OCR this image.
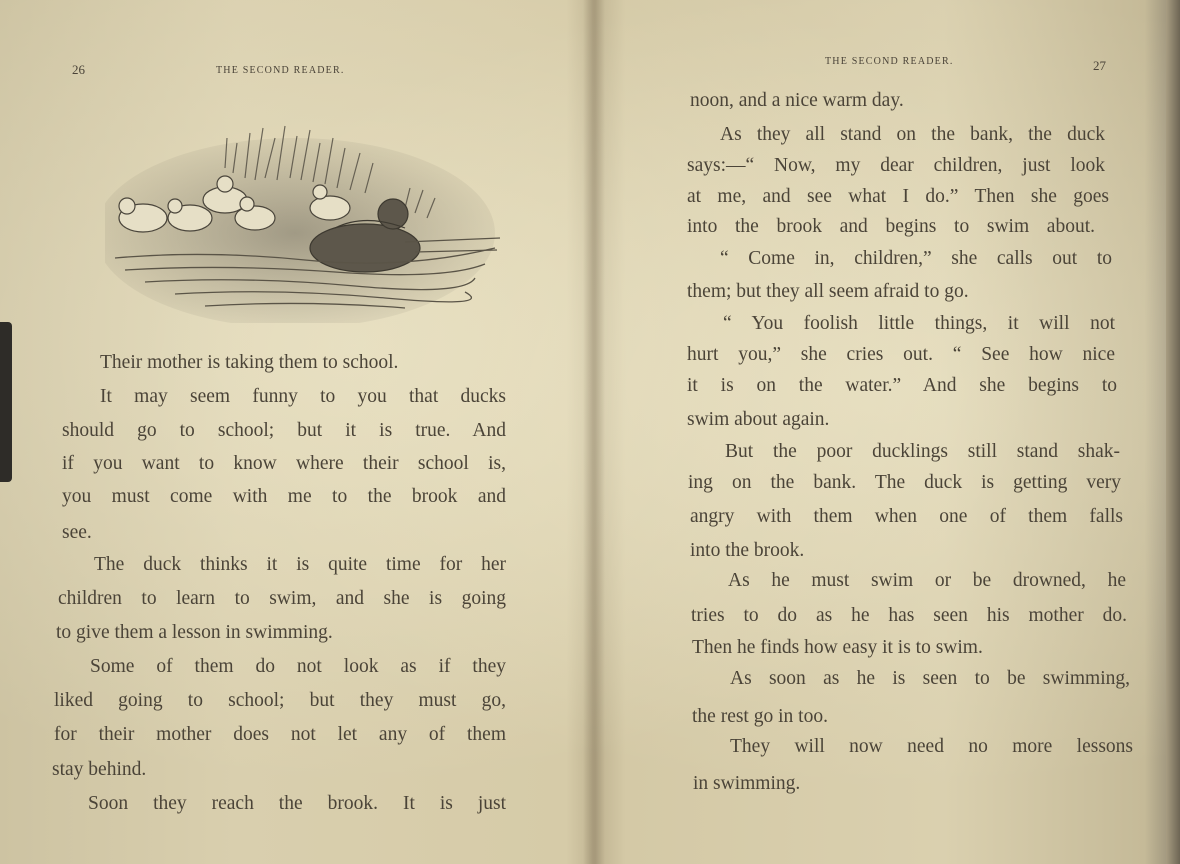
26	THE SECOND READER.
Their mother is taking them to school.
It may seem funny to you that ducks
should go to school; but it is true. And
if you want to know where their school is,
you must come with me to the brook and
see.
The duck thinks it is quite time for her
children to learn to swim, and she is going
to give them a lesson in swimming.
Some of them do not look as if they
liked going to school; but they must go,
for their mother does not let any of them
stay behind.
Soon they reach the brook. It is just
THE SECOND READER.	27
noon, and a nice warm day.
As they all stand on the bank, the duck
says:—“ Now, my dear children, just look
at me, and see what I do.” Then she goes
into the brook and begins to swim about.
“ Come in, children,” she calls out to
them; but they all seem afraid to go.
“ You foolish little things, it will not
hurt you,” she cries out. “ See how nice
it is on the water.” And she begins to
swim about again.
But the poor ducklings still stand shak-
ing on the bank. The duck is getting very
angry with them when one of them falls
into the brook.
As he must swim or be drowned, he
tries to do as he has seen his mother do.
Then he finds how easy it is to swim.
As soon as he is seen to be swimming,
the rest go in too.
They will now need no more lessons
in swimming.
